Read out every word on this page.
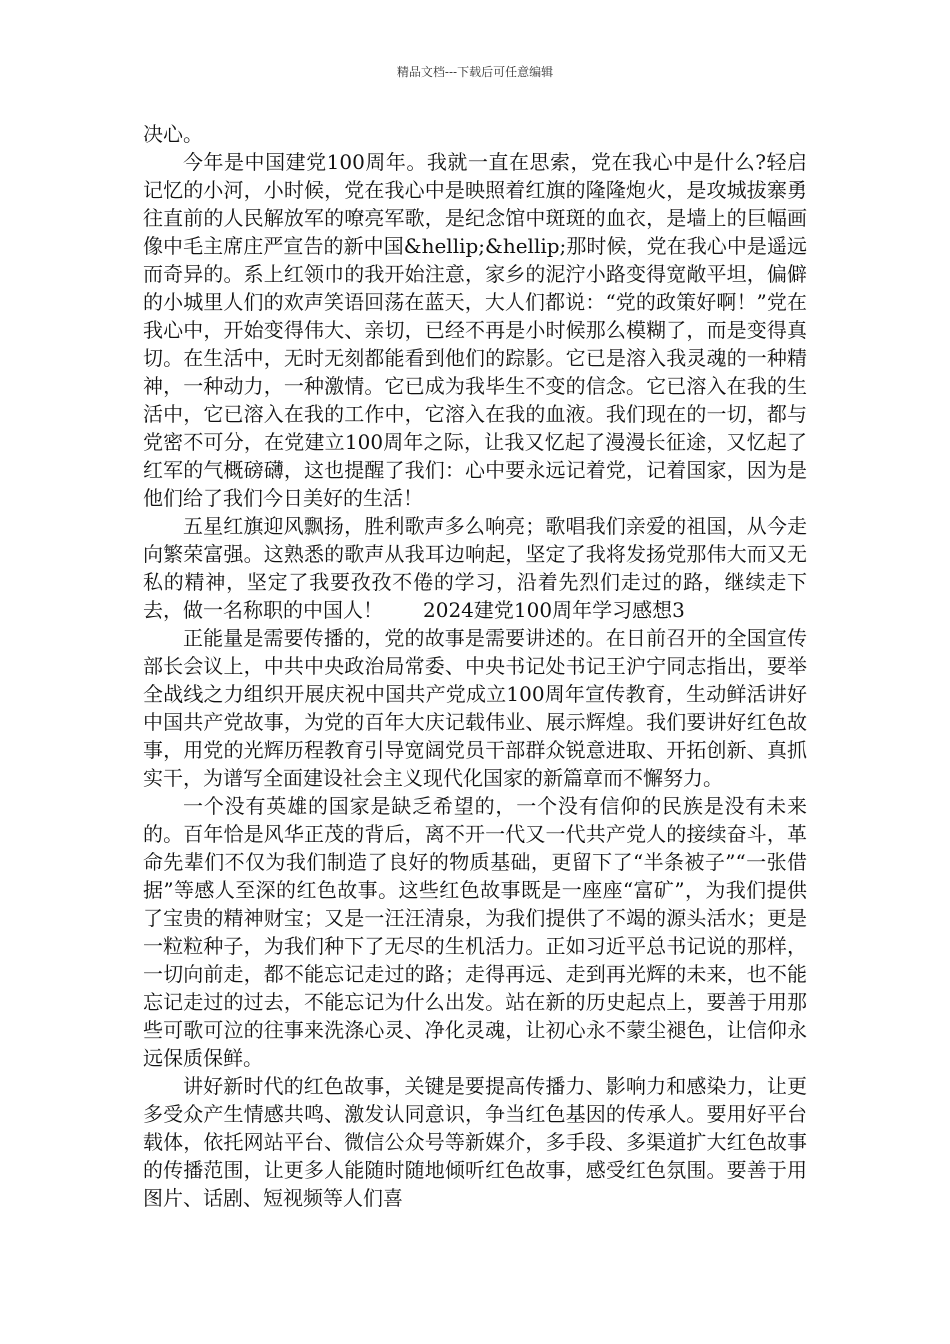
精品文档---下载后可任意编辑

决心。

今年是中国建党100周年。我就一直在思索，党在我心中是什么?轻启记忆的小河，小时候，党在我心中是映照着红旗的隆隆炮火，是攻城拔寨勇往直前的人民解放军的嘹亮军歌，是纪念馆中斑斑的血衣，是墙上的巨幅画像中毛主席庄严宣告的新中国&hellip;&hellip;那时候，党在我心中是遥远而奇异的。系上红领巾的我开始注意，家乡的泥泞小路变得宽敞平坦，偏僻的小城里人们的欢声笑语回荡在蓝天，大人们都说：“党的政策好啊！”党在我心中，开始变得伟大、亲切，已经不再是小时候那么模糊了，而是变得真切。在生活中，无时无刻都能看到他们的踪影。它已是溶入我灵魂的一种精神，一种动力，一种激情。它已成为我毕生不变的信念。它已溶入在我的生活中，它已溶入在我的工作中，它溶入在我的血液。我们现在的一切，都与党密不可分，在党建立100周年之际，让我又忆起了漫漫长征途，又忆起了红军的气概磅礴，这也提醒了我们：心中要永远记着党，记着国家，因为是他们给了我们今日美好的生活！

五星红旗迎风飘扬，胜利歌声多么响亮；歌唱我们亲爱的祖国，从今走向繁荣富强。这熟悉的歌声从我耳边响起，坚定了我将发扬党那伟大而又无私的精神，坚定了我要孜孜不倦的学习，沿着先烈们走过的路，继续走下去，做一名称职的中国人！　　2024建党100周年学习感想3

正能量是需要传播的，党的故事是需要讲述的。在日前召开的全国宣传部长会议上，中共中央政治局常委、中央书记处书记王沪宁同志指出，要举全战线之力组织开展庆祝中国共产党成立100周年宣传教育，生动鲜活讲好中国共产党故事，为党的百年大庆记载伟业、展示辉煌。我们要讲好红色故事，用党的光辉历程教育引导宽阔党员干部群众锐意进取、开拓创新、真抓实干，为谱写全面建设社会主义现代化国家的新篇章而不懈努力。

一个没有英雄的国家是缺乏希望的，一个没有信仰的民族是没有未来的。百年恰是风华正茂的背后，离不开一代又一代共产党人的接续奋斗，革命先辈们不仅为我们制造了良好的物质基础，更留下了“半条被子”“一张借据”等感人至深的红色故事。这些红色故事既是一座座“富矿”，为我们提供了宝贵的精神财宝；又是一汪汪清泉，为我们提供了不竭的源头活水；更是一粒粒种子，为我们种下了无尽的生机活力。正如习近平总书记说的那样，一切向前走，都不能忘记走过的路；走得再远、走到再光辉的未来，也不能忘记走过的过去，不能忘记为什么出发。站在新的历史起点上，要善于用那些可歌可泣的往事来洗涤心灵、净化灵魂，让初心永不蒙尘褪色，让信仰永远保质保鲜。

讲好新时代的红色故事，关键是要提高传播力、影响力和感染力，让更多受众产生情感共鸣、激发认同意识，争当红色基因的传承人。要用好平台载体，依托网站平台、微信公众号等新媒介，多手段、多渠道扩大红色故事的传播范围，让更多人能随时随地倾听红色故事，感受红色氛围。要善于用图片、话剧、短视频等人们喜
